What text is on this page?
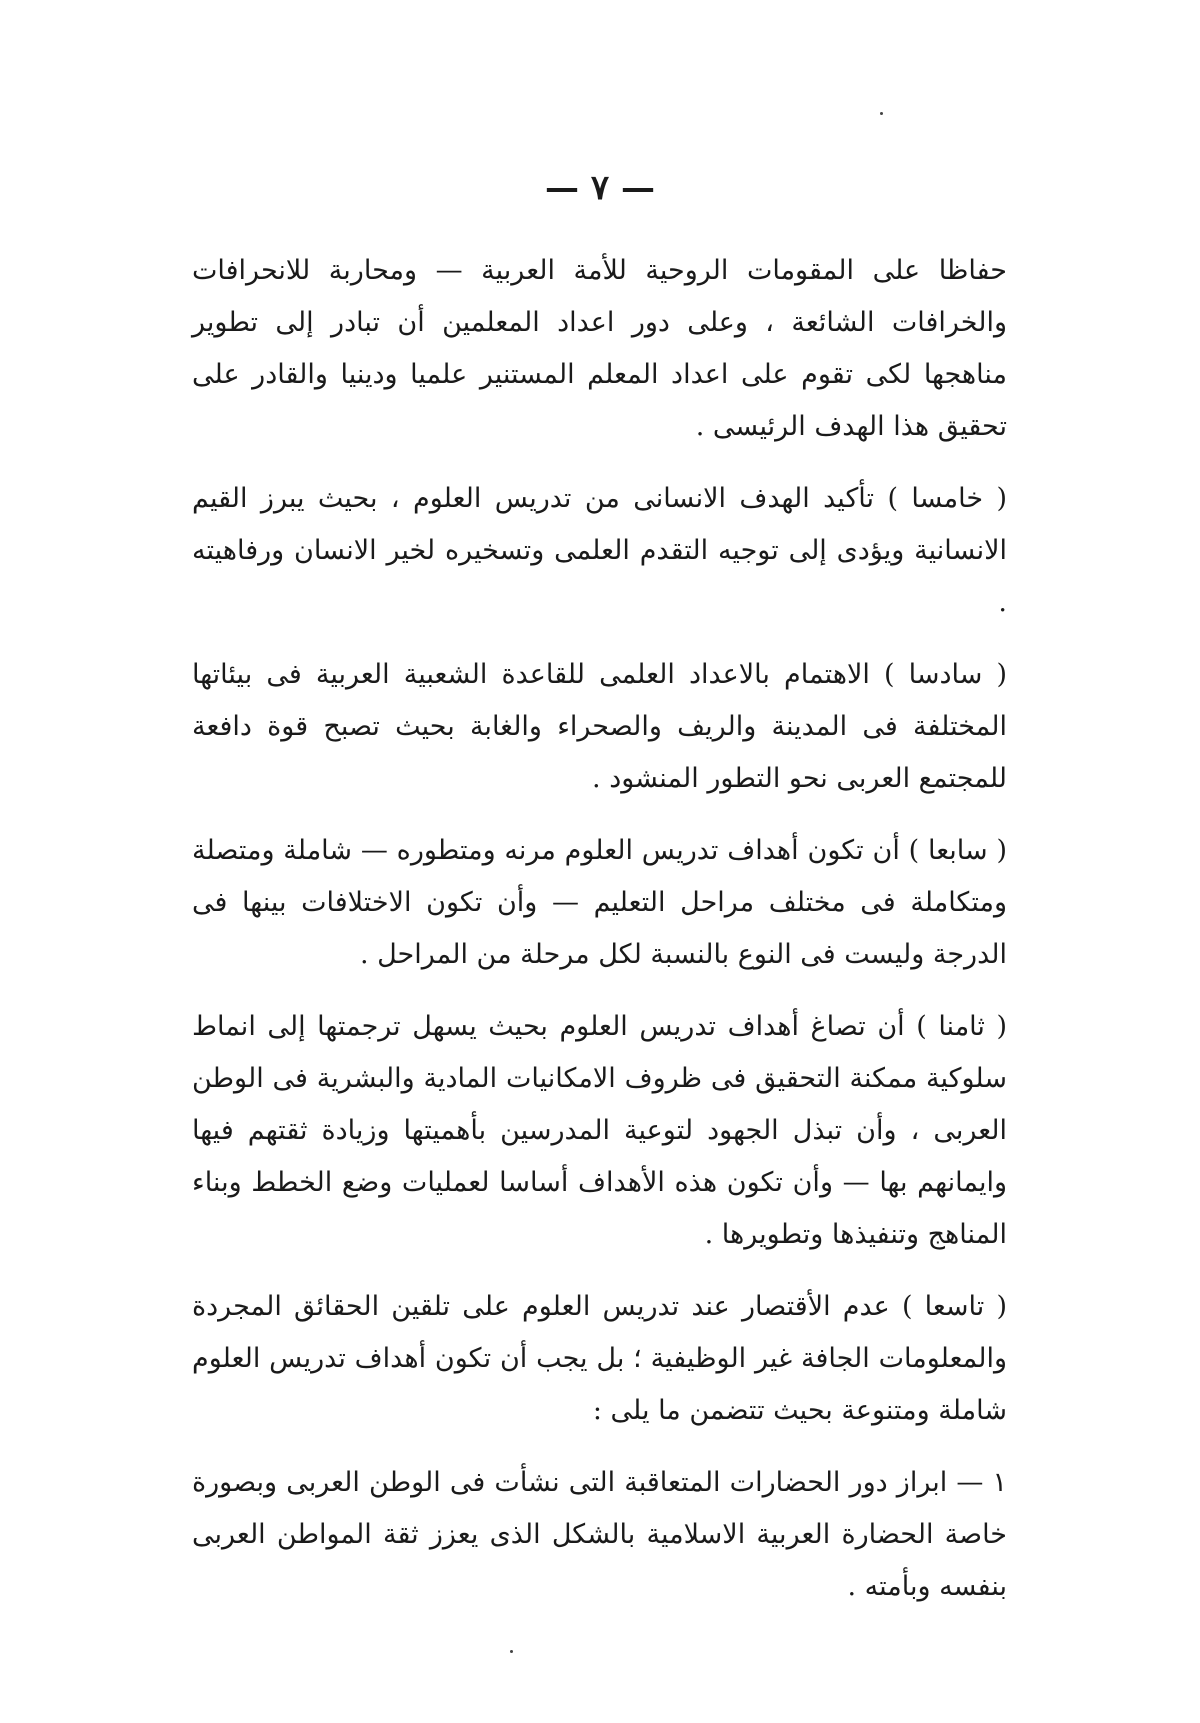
— ٧ —

حفاظا على المقومات الروحية للأمة العربية — ومحاربة للانحرافات والخرافات الشائعة ، وعلى دور اعداد المعلمين أن تبادر إلى تطوير مناهجها لكى تقوم على اعداد المعلم المستنير علميا ودينيا والقادر على تحقيق هذا الهدف الرئيسى .

( خامسا ) تأكيد الهدف الانسانى من تدريس العلوم ، بحيث يبرز القيم الانسانية ويؤدى إلى توجيه التقدم العلمى وتسخيره لخير الانسان ورفاهيته .

( سادسا ) الاهتمام بالاعداد العلمى للقاعدة الشعبية العربية فى بيئاتها المختلفة فى المدينة والريف والصحراء والغابة بحيث تصبح قوة دافعة للمجتمع العربى نحو التطور المنشود .

( سابعا ) أن تكون أهداف تدريس العلوم مرنه ومتطوره — شاملة ومتصلة ومتكاملة فى مختلف مراحل التعليم — وأن تكون الاختلافات بينها فى الدرجة وليست فى النوع بالنسبة لكل مرحلة من المراحل .

( ثامنا ) أن تصاغ أهداف تدريس العلوم بحيث يسهل ترجمتها إلى انماط سلوكية ممكنة التحقيق فى ظروف الامكانيات المادية والبشرية فى الوطن العربى ، وأن تبذل الجهود لتوعية المدرسين بأهميتها وزيادة ثقتهم فيها وايمانهم بها — وأن تكون هذه الأهداف أساسا لعمليات وضع الخطط وبناء المناهج وتنفيذها وتطويرها .

( تاسعا ) عدم الأقتصار عند تدريس العلوم على تلقين الحقائق المجردة والمعلومات الجافة غير الوظيفية ؛ بل يجب أن تكون أهداف تدريس العلوم شاملة ومتنوعة بحيث تتضمن ما يلى :

١ — ابراز دور الحضارات المتعاقبة التى نشأت فى الوطن العربى وبصورة خاصة الحضارة العربية الاسلامية بالشكل الذى يعزز ثقة المواطن العربى بنفسه وبأمته .
